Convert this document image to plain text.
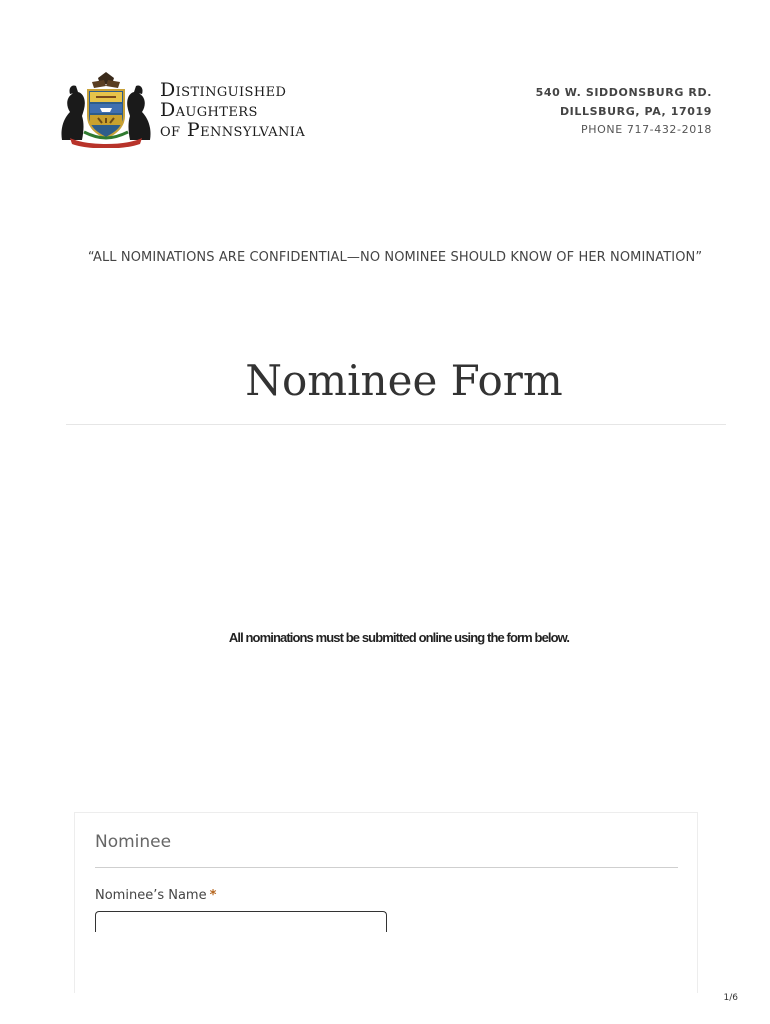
Distinguished
Daughters
of Pennsylvania
540 W. SIDDONSBURG RD.
DILLSBURG, PA, 17019
PHONE 717-432-2018
“ALL NOMINATIONS ARE CONFIDENTIAL—NO NOMINEE SHOULD KNOW OF HER NOMINATION”
Nominee Form
All nominations must be submitted online using the form below.
Nominee
Nominee’s Name *
1/6
